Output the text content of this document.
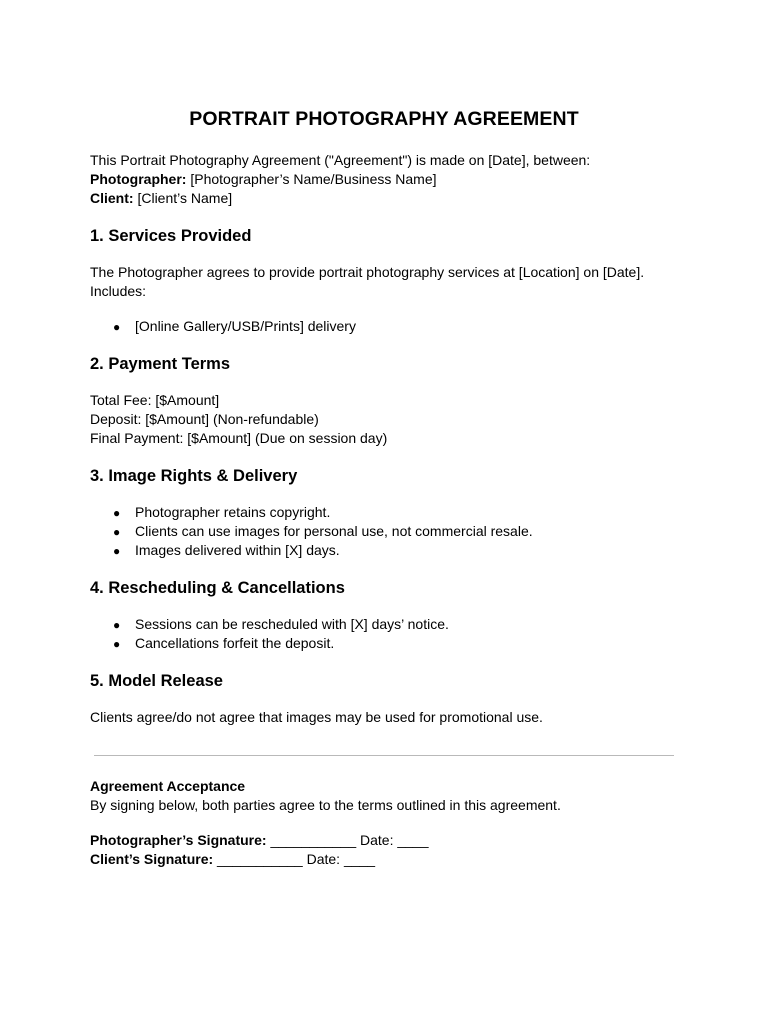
PORTRAIT PHOTOGRAPHY AGREEMENT
This Portrait Photography Agreement ("Agreement") is made on [Date], between:
Photographer: [Photographer’s Name/Business Name]
Client: [Client’s Name]
1. Services Provided
The Photographer agrees to provide portrait photography services at [Location] on [Date].
Includes:
● [Online Gallery/USB/Prints] delivery
2. Payment Terms
Total Fee: [$Amount]
Deposit: [$Amount] (Non-refundable)
Final Payment: [$Amount] (Due on session day)
3. Image Rights & Delivery
● Photographer retains copyright.
● Clients can use images for personal use, not commercial resale.
● Images delivered within [X] days.
4. Rescheduling & Cancellations
● Sessions can be rescheduled with [X] days’ notice.
● Cancellations forfeit the deposit.
5. Model Release
Clients agree/do not agree that images may be used for promotional use.
Agreement Acceptance
By signing below, both parties agree to the terms outlined in this agreement.
Photographer’s Signature: ___________ Date: ____
Client’s Signature: ___________ Date: ____
